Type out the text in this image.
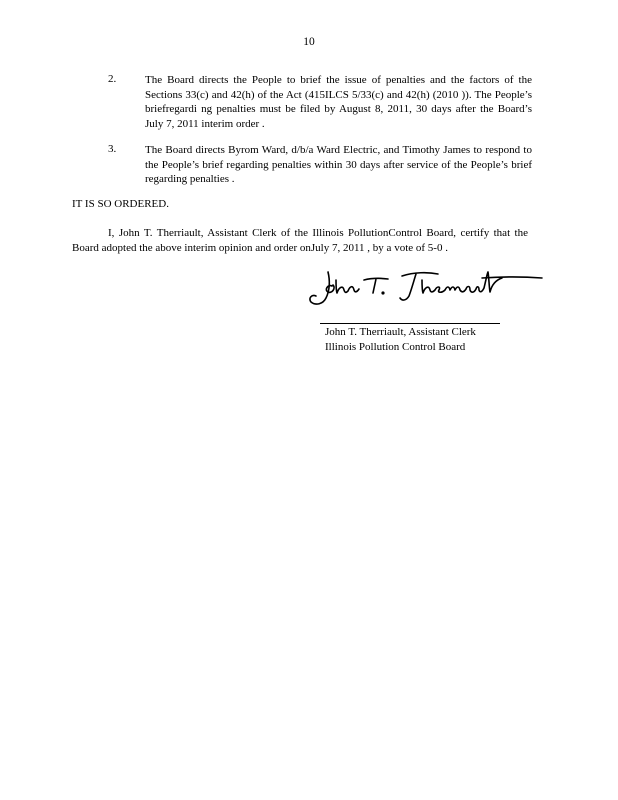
10
2.	The Board directs the People to brief the issue of penalties and the factors of the Sections 33(c) and 42(h) of the Act (415ILCS 5/33(c) and 42(h) (2010 )). The People’s briefregardi ng penalties must be filed by August 8, 2011, 30 days after the Board’s July 7, 2011 interim order .
3.	The Board directs Byrom Ward, d/b/a Ward Electric, and Timothy James to respond to the People’s brief regarding penalties within 30 days after service of the People’s brief regarding penalties .
IT IS SO ORDERED.
I, John T. Therriault, Assistant Clerk of the Illinois PollutionControl Board, certify that the Board adopted the above interim opinion and order onJuly 7, 2011 , by a vote of 5-0 .
John T. Therriault, Assistant Clerk
Illinois Pollution Control Board
